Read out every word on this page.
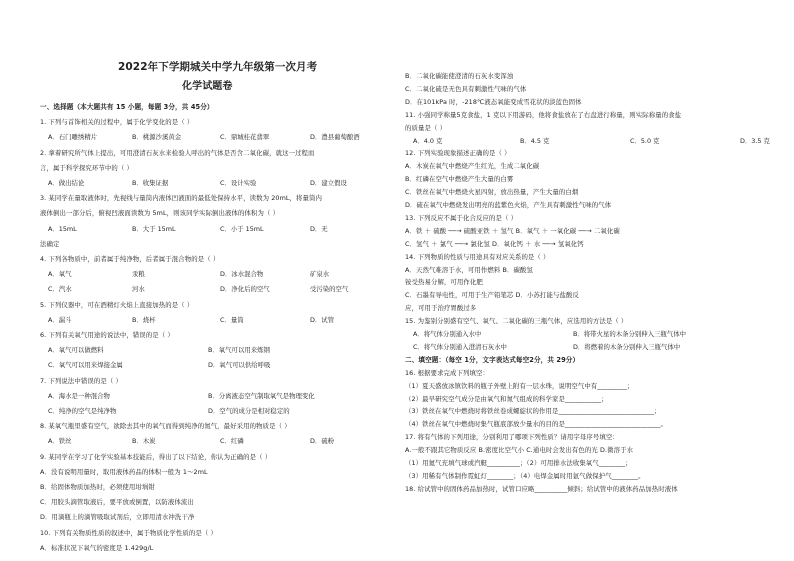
2022年下学期城关中学九年级第一次月考
化学试题卷
一、选择题（本大题共有 15 小题，每题 3分，共 45分）
1. 下列与首饰相关的过程中，属于化学变化的是（ ）
A．石门雕绣精片	B．桃源沙溪黄金	C．鼎城桂花翡翠	D．澧县葡萄酿酒
2. 拿着研究所气体上提出，可用澄清石灰水来检验人呼出的气体是否含二氧化碳，就这一过程而
言，属于科学探究环节中的（ ）
A．做出结论	B．收集证据	C．设计实验	D．建立假设
3. 某同学在量取液体时，先视线与量筒内液体凹液面的最低处保持水平，读数为 20mL，将量筒内
液体倒出一部分后，俯视凹液面读数为 5mL，则该同学实际倒出液体的体积为（ ）
A．15mL	B．大于 15mL	C．小于 15mL	D．无
法确定
4. 下列各物质中，前者属于纯净物，后者属于混合物的是（ ）
A．氧气	汞粮	D．冰水混合物	矿泉水
C．汽水	河水	D．净化后的空气	受污染的空气
5. 下列仪器中，可在酒精灯火焰上直接加热的是（ ）
A．漏斗	B．烧杯	C．量筒	D．试管
6. 下列有关氧气用途的说法中，错误的是（ ）
A．氧气可以做燃料	B．氧气可以用来炼钢
C．氧气可以用来焊接金属	D．氧气可以供给呼吸
7. 下列说法中错误的是（ ）
A．海水是一种混合物	B．分离液态空气制取氧气是物理变化
C．纯净的空气是纯净物	D．空气的成分是相对稳定的
8. 某氧气瓶里盛有空气，欲除去其中的氧气而得到纯净的氮气，最好采用的物质是（ ）
A．铁丝	B．木炭	C．红磷	D．硫粉
9. 某同学在学习了化学实验基本技能后，得出了以下结论，你认为正确的是（ ）
A．没有说明用量时，取用液体药品的体积一般为 1～2mL
B．给固体物质加热时，必须使用坩埚钳
C．用胶头滴管取液后，要平放或倒置，以防液体流出
D．用滴瓶上的滴管吸取试剂后，立即用清水冲洗干净
10. 下列有关物质性质的叙述中，属于物质化学性质的是（ ）
A．标准状况下氧气的密度是 1.429g/L
B．二氧化碳能使澄清的石灰水变浑浊
C．二氧化硫是无色具有刺激性气味的气体
D．在101kPa 时，-218℃液态氧能变成雪花状的淡蓝色固体
11. 小强同学称量5克食盐，1 克以下用游码，他将食盐放在了右盘进行称量，则实际称量的食盐
的质量是（ ）
A．4.0 克	B．4.5 克	C．5.0 克	D．3.5 克
12. 下列实验现象描述正确的是（ ）
A．木炭在氧气中燃烧产生红光，生成二氧化碳
B．红磷在空气中燃烧产生大量的白雾
C．铁丝在氧气中燃烧火星四射，放出热量，产生大量的白烟
D．硫在氧气中燃烧发出明亮的蓝紫色火焰，产生具有刺激性气味的气体
13. 下列反应不属于化合反应的是（ ）
A．铁 ＋ 硫酸 ──→ 硫酸亚铁 ＋ 氢气 B．氧气 ＋ 一氧化碳 ──→ 二氧化碳
C．氢气 ＋ 氯气 ──→ 氯化氢 D．氧化钙 ＋ 水 ──→ 氢氧化钙
14. 下列物质的性质与用途具有对应关系的是（ ）
A．天然气难溶于水，可用作燃料 B．碳酸氢
铵受热易分解，可用作化肥
C．石墨有导电性，可用于生产铅笔芯 D．小苏打能与盐酸反
应，可用于治疗胃酸过多
15. 为鉴别分别盛有空气、氧气、二氧化碳的三瓶气体，应选用的方法是（ ）
A．将气体分别通入水中	B．将带火星的木条分别伸入三瓶气体中
C．将气体分别通入澄清石灰水中	D．将燃着的木条分别伸入三瓶气体中
二、填空题：（每空 1分，文字表达式每空2分，共 29分）
16. 根据要求完成下列填空：
（1）夏天盛放冰镇饮料的瓶子外壁上附有一层水珠，说明空气中有_________；
（2）最早研究空气成分是由氧气和氮气组成的科学家是___________；
（3）铁丝在氧气中燃烧时将铁丝卷成螺旋状的作用是_____________________________；
（4）铁丝在氧气中燃烧时集气瓶底部放少量水的目的是_____________________________。
17. 将有气体的下列用途，分别利用了哪项下列性质？请用字母序号填空：
A.一般不跟其它物质反应 B.密度比空气小 C.通电时会发出有色的光 D.微溶于水
（1）用氦气充填气球或汽艇__________；（2）可用排水法收集氧气________；
（3）用稀有气体制作霓虹灯________；（4）电焊金属时用氩气做保护气________。
18. 给试管中的固体药品加热时，试管口应略__________倾斜；给试管中的液体药品加热时液体
